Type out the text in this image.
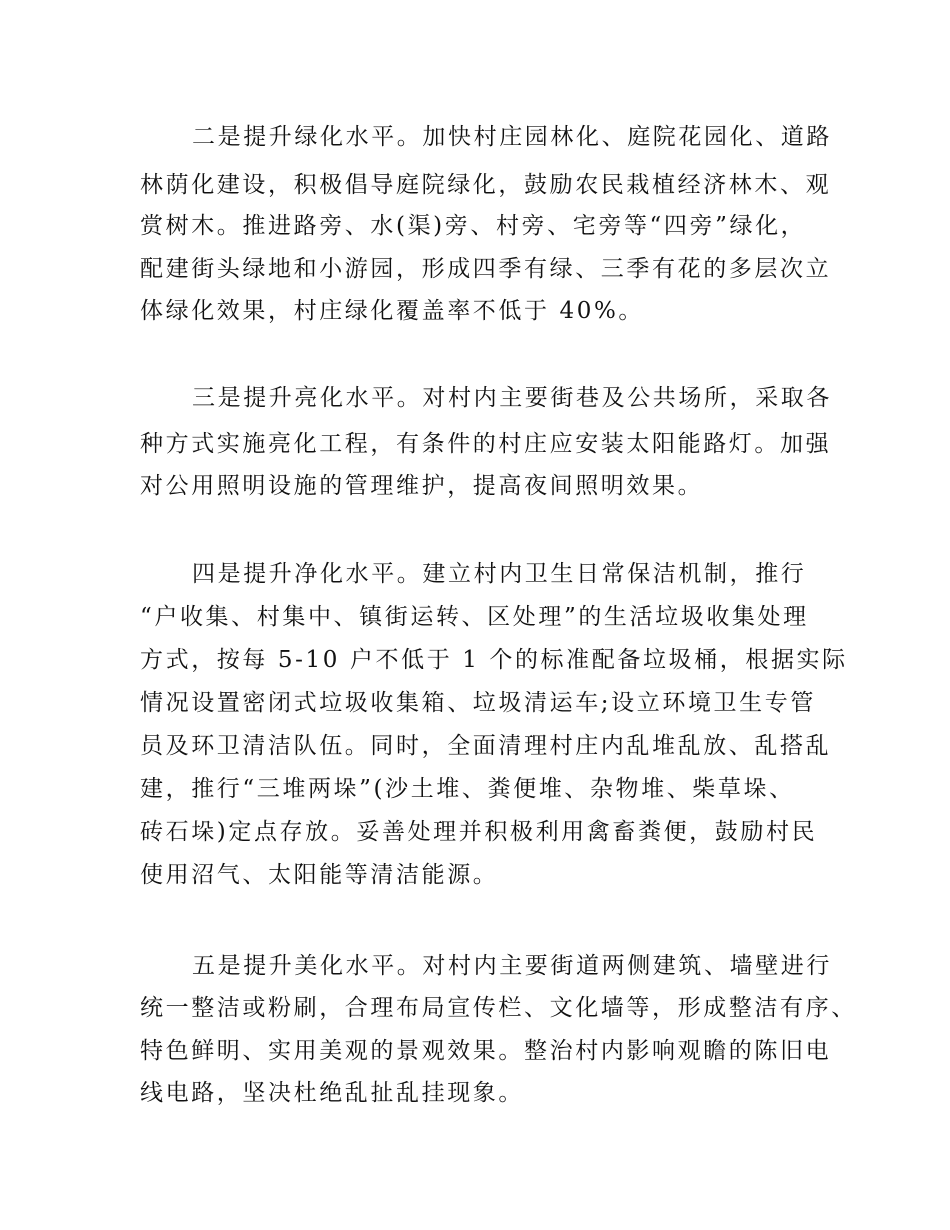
二是提升绿化水平。加快村庄园林化、庭院花园化、道路
林荫化建设，积极倡导庭院绿化，鼓励农民栽植经济林木、观
赏树木。推进路旁、水(渠)旁、村旁、宅旁等“四旁”绿化，
配建街头绿地和小游园，形成四季有绿、三季有花的多层次立
体绿化效果，村庄绿化覆盖率不低于 40%。
三是提升亮化水平。对村内主要街巷及公共场所，采取各
种方式实施亮化工程，有条件的村庄应安装太阳能路灯。加强
对公用照明设施的管理维护，提高夜间照明效果。
四是提升净化水平。建立村内卫生日常保洁机制，推行
“户收集、村集中、镇街运转、区处理”的生活垃圾收集处理
方式，按每 5-10 户不低于 1 个的标准配备垃圾桶，根据实际
情况设置密闭式垃圾收集箱、垃圾清运车;设立环境卫生专管
员及环卫清洁队伍。同时，全面清理村庄内乱堆乱放、乱搭乱
建，推行“三堆两垛”(沙土堆、粪便堆、杂物堆、柴草垛、
砖石垛)定点存放。妥善处理并积极利用禽畜粪便，鼓励村民
使用沼气、太阳能等清洁能源。
五是提升美化水平。对村内主要街道两侧建筑、墙壁进行
统一整洁或粉刷，合理布局宣传栏、文化墙等，形成整洁有序、
特色鲜明、实用美观的景观效果。整治村内影响观瞻的陈旧电
线电路，坚决杜绝乱扯乱挂现象。
